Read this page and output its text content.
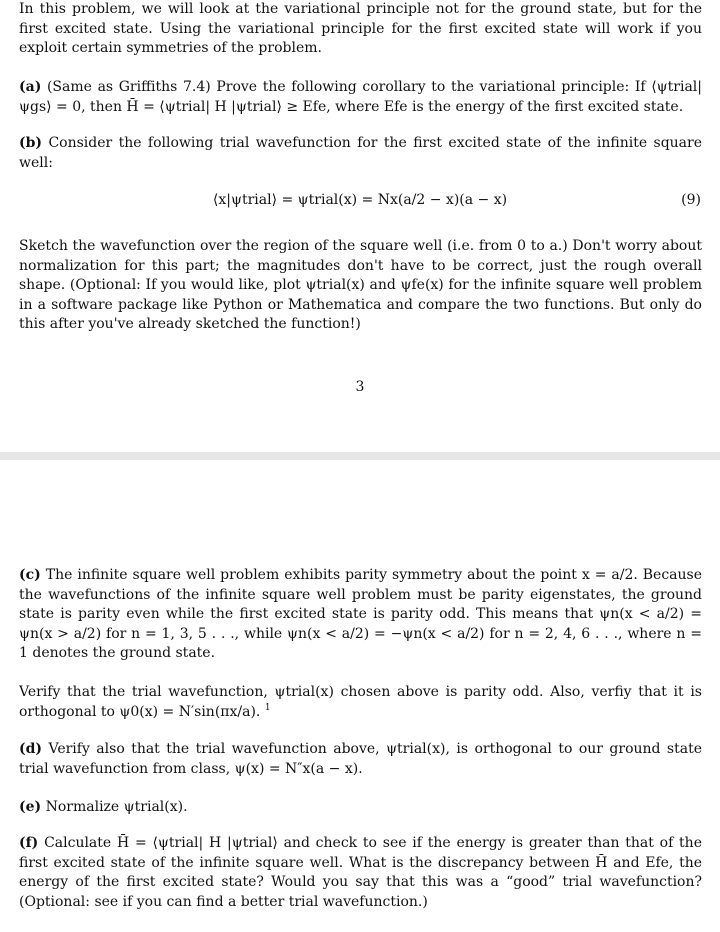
In this problem, we will look at the variational principle not for the ground state, but for the first excited state. Using the variational principle for the first excited state will work if you exploit certain symmetries of the problem.

(a) (Same as Griffiths 7.4) Prove the following corollary to the variational principle: If ⟨ψtrial|ψgs⟩ = 0, then H̄ = ⟨ψtrial| H |ψtrial⟩ ≥ Efe, where Efe is the energy of the first excited state.

(b) Consider the following trial wavefunction for the first excited state of the infinite square well:

⟨x|ψtrial⟩ = ψtrial(x) = Nx(a/2 − x)(a − x)	(9)

Sketch the wavefunction over the region of the square well (i.e. from 0 to a.) Don't worry about normalization for this part; the magnitudes don't have to be correct, just the rough overall shape. (Optional: If you would like, plot ψtrial(x) and ψfe(x) for the infinite square well problem in a software package like Python or Mathematica and compare the two functions. But only do this after you've already sketched the function!)

3

(c) The infinite square well problem exhibits parity symmetry about the point x = a/2. Because the wavefunctions of the infinite square well problem must be parity eigenstates, the ground state is parity even while the first excited state is parity odd. This means that ψn(x < a/2) = ψn(x > a/2) for n = 1, 3, 5 . . ., while ψn(x < a/2) = −ψn(x < a/2) for n = 2, 4, 6 . . ., where n = 1 denotes the ground state.

Verify that the trial wavefunction, ψtrial(x) chosen above is parity odd. Also, verfiy that it is orthogonal to ψ0(x) = N′sin(πx/a). $^1$

(d) Verify also that the trial wavefunction above, ψtrial(x), is orthogonal to our ground state trial wavefunction from class, ψ(x) = N″x(a − x).

(e) Normalize ψtrial(x).

(f) Calculate H̄ = ⟨ψtrial| H |ψtrial⟩ and check to see if the energy is greater than that of the first excited state of the infinite square well. What is the discrepancy between H̄ and Efe, the energy of the first excited state? Would you say that this was a “good” trial wavefunction? (Optional: see if you can find a better trial wavefunction.)
